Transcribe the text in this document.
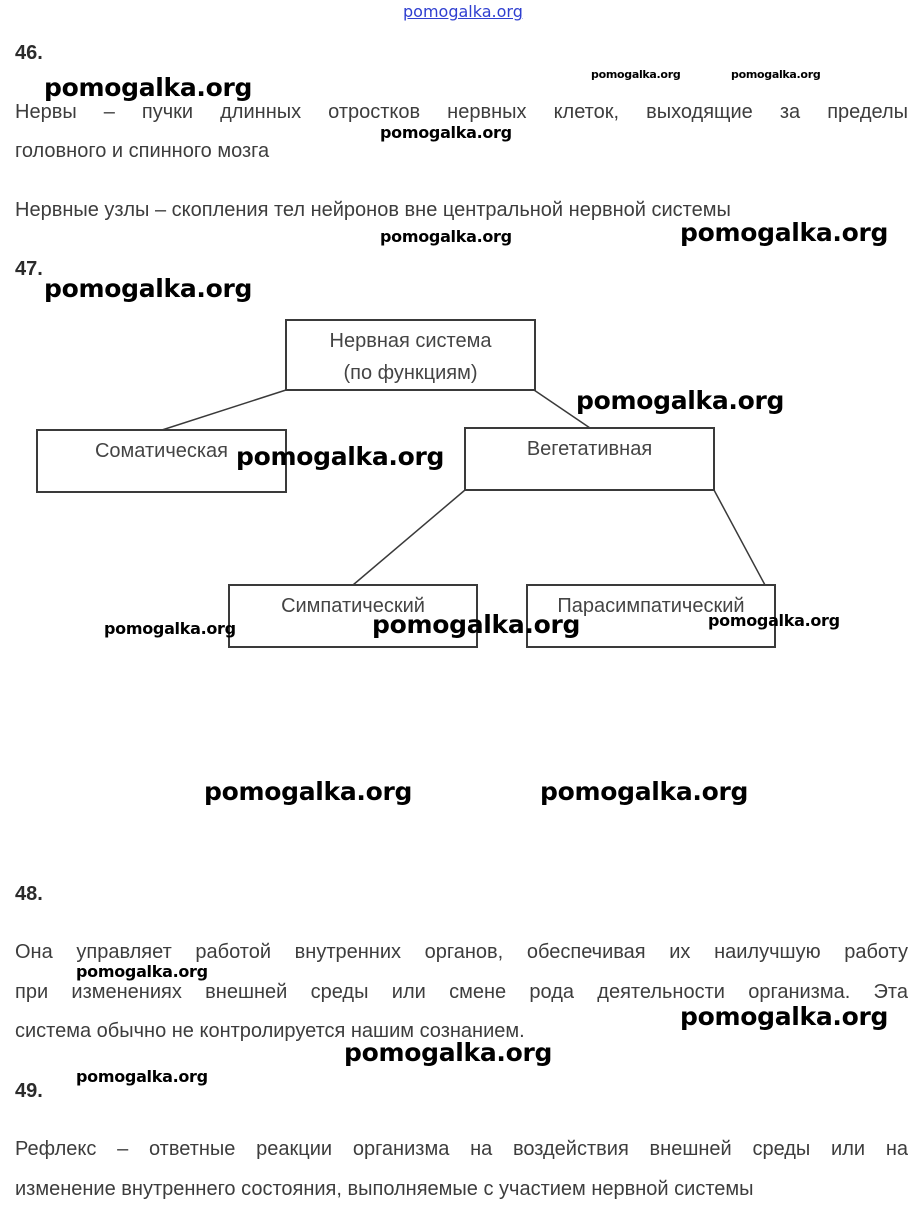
pomogalka.org
46.
Нервы – пучки длинных отростков нервных клеток, выходящие за пределы
головного и спинного мозга
Нервные узлы – скопления тел нейронов вне центральной нервной системы
47.
Нервная система
(по функциям)
Соматическая	Вегетативная
Симпатический	Парасимпатический
48.
Она управляет работой внутренних органов, обеспечивая их наилучшую работу
при изменениях внешней среды или смене рода деятельности организма. Эта
система обычно не контролируется нашим сознанием.
49.
Рефлекс – ответные реакции организма на воздействия внешней среды или на
изменение внутреннего состояния, выполняемые с участием нервной системы
pomogalka.org	pomogalka.org	pomogalka.org
pomogalka.org
pomogalka.org	pomogalka.org
pomogalka.org
pomogalka.org
pomogalka.org
pomogalka.org	pomogalka.org	pomogalka.org
pomogalka.org	pomogalka.org
pomogalka.org
pomogalka.org
pomogalka.org
pomogalka.org
